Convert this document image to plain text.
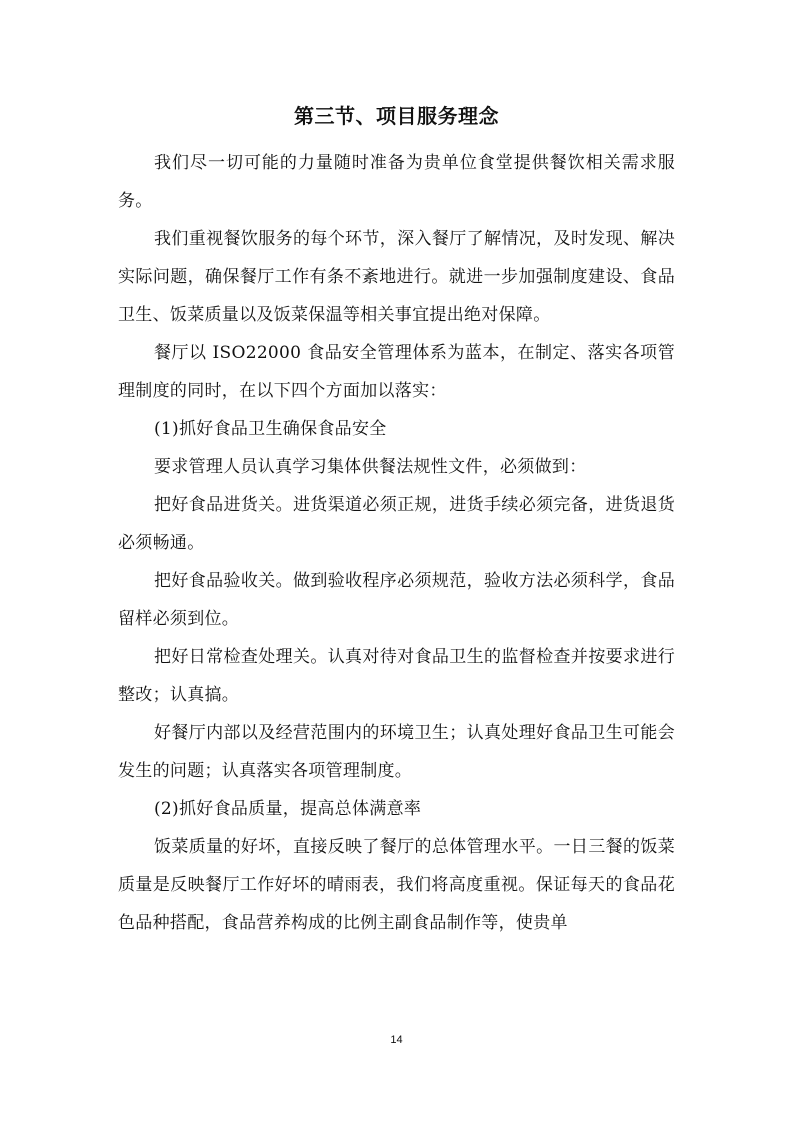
第三节、项目服务理念

我们尽一切可能的力量随时准备为贵单位食堂提供餐饮相关需求服务。

我们重视餐饮服务的每个环节，深入餐厅了解情况，及时发现、解决实际问题，确保餐厅工作有条不紊地进行。就进一步加强制度建设、食品卫生、饭菜质量以及饭菜保温等相关事宜提出绝对保障。

餐厅以 ISO22000 食品安全管理体系为蓝本，在制定、落实各项管理制度的同时，在以下四个方面加以落实：

(1)抓好食品卫生确保食品安全

要求管理人员认真学习集体供餐法规性文件，必须做到：

把好食品进货关。进货渠道必须正规，进货手续必须完备，进货退货必须畅通。

把好食品验收关。做到验收程序必须规范，验收方法必须科学，食品留样必须到位。

把好日常检查处理关。认真对待对食品卫生的监督检查并按要求进行整改；认真搞。

好餐厅内部以及经营范围内的环境卫生；认真处理好食品卫生可能会发生的问题；认真落实各项管理制度。

(2)抓好食品质量，提高总体满意率

饭菜质量的好坏，直接反映了餐厅的总体管理水平。一日三餐的饭菜质量是反映餐厅工作好坏的晴雨表，我们将高度重视。保证每天的食品花色品种搭配，食品营养构成的比例主副食品制作等，使贵单

14
